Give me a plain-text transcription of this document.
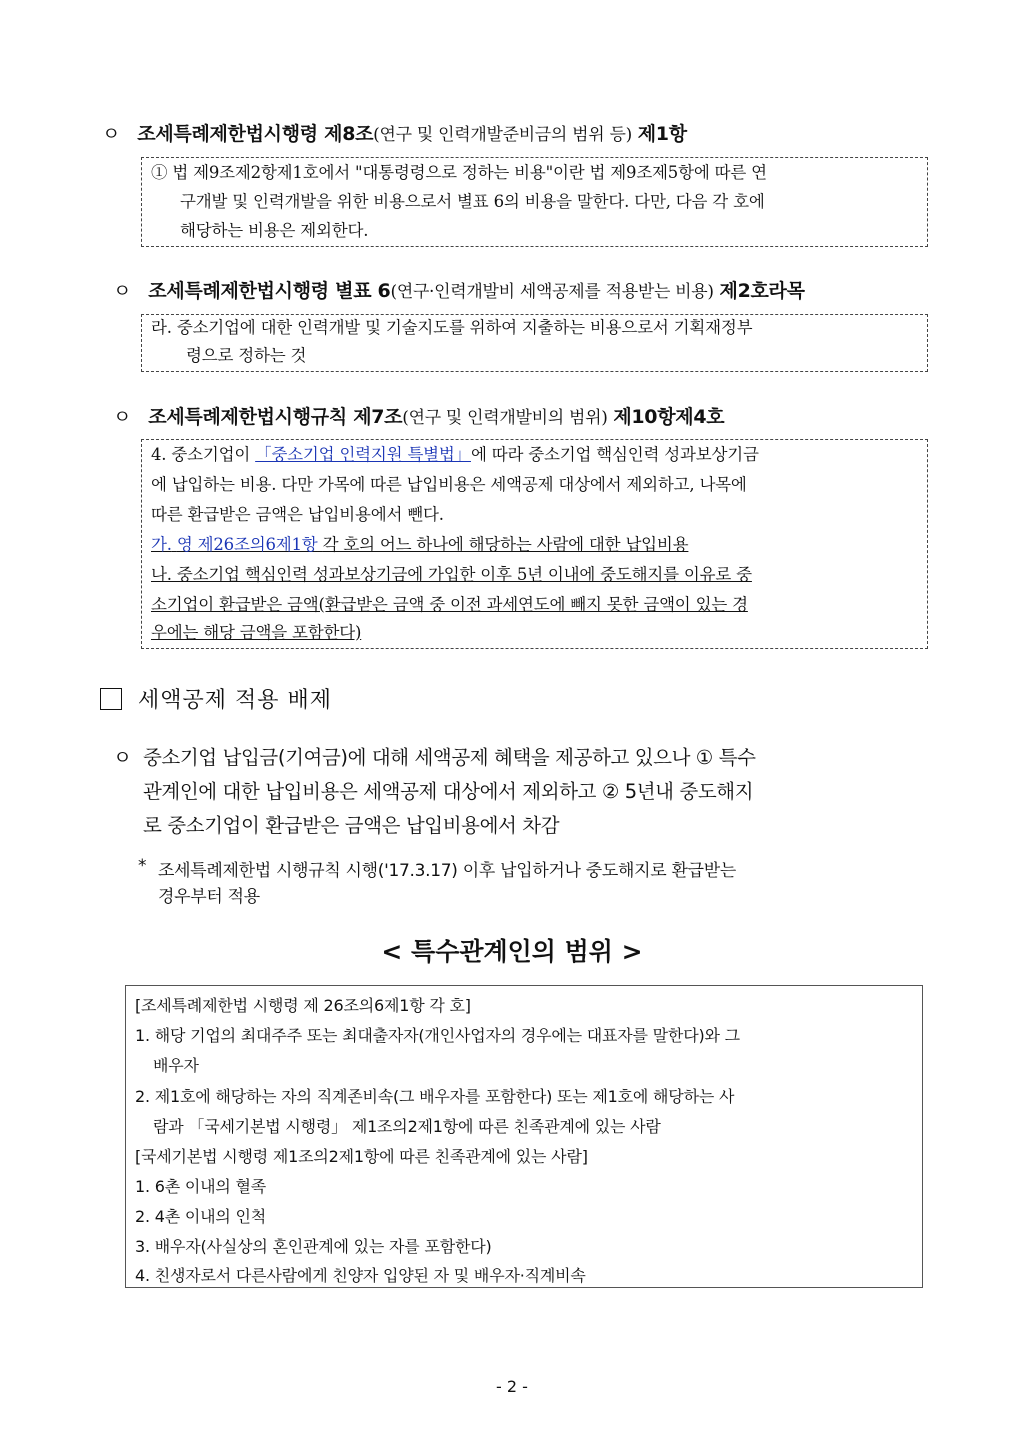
ㅇ 조세특례제한법시행령 제8조(연구 및 인력개발준비금의 범위 등) 제1항
① 법 제9조제2항제1호에서 "대통령령으로 정하는 비용"이란 법 제9조제5항에 따른 연
구개발 및 인력개발을 위한 비용으로서 별표 6의 비용을 말한다. 다만, 다음 각 호에
해당하는 비용은 제외한다.
ㅇ 조세특례제한법시행령 별표 6(연구·인력개발비 세액공제를 적용받는 비용) 제2호라목
라. 중소기업에 대한 인력개발 및 기술지도를 위하여 지출하는 비용으로서 기획재정부
령으로 정하는 것
ㅇ 조세특례제한법시행규칙 제7조(연구 및 인력개발비의 범위) 제10항제4호
4. 중소기업이 「중소기업 인력지원 특별법」에 따라 중소기업 핵심인력 성과보상기금
에 납입하는 비용. 다만 가목에 따른 납입비용은 세액공제 대상에서 제외하고, 나목에
따른 환급받은 금액은 납입비용에서 뺀다.
가. 영 제26조의6제1항 각 호의 어느 하나에 해당하는 사람에 대한 납입비용
나. 중소기업 핵심인력 성과보상기금에 가입한 이후 5년 이내에 중도해지를 이유로 중
소기업이 환급받은 금액(환급받은 금액 중 이전 과세연도에 빼지 못한 금액이 있는 경
우에는 해당 금액을 포함한다)
세액공제 적용 배제
ㅇ 중소기업 납입금(기여금)에 대해 세액공제 혜택을 제공하고 있으나 ① 특수
관계인에 대한 납입비용은 세액공제 대상에서 제외하고 ② 5년내 중도해지
로 중소기업이 환급받은 금액은 납입비용에서 차감
* 조세특례제한법 시행규칙 시행('17.3.17) 이후 납입하거나 중도해지로 환급받는
경우부터 적용
< 특수관계인의 범위 >
[조세특례제한법 시행령 제 26조의6제1항 각 호]
1. 해당 기업의 최대주주 또는 최대출자자(개인사업자의 경우에는 대표자를 말한다)와 그
배우자
2. 제1호에 해당하는 자의 직계존비속(그 배우자를 포함한다) 또는 제1호에 해당하는 사
람과 「국세기본법 시행령」 제1조의2제1항에 따른 친족관계에 있는 사람
[국세기본법 시행령 제1조의2제1항에 따른 친족관계에 있는 사람]
1. 6촌 이내의 혈족
2. 4촌 이내의 인척
3. 배우자(사실상의 혼인관계에 있는 자를 포함한다)
4. 친생자로서 다른사람에게 친양자 입양된 자 및 배우자·직계비속
- 2 -
